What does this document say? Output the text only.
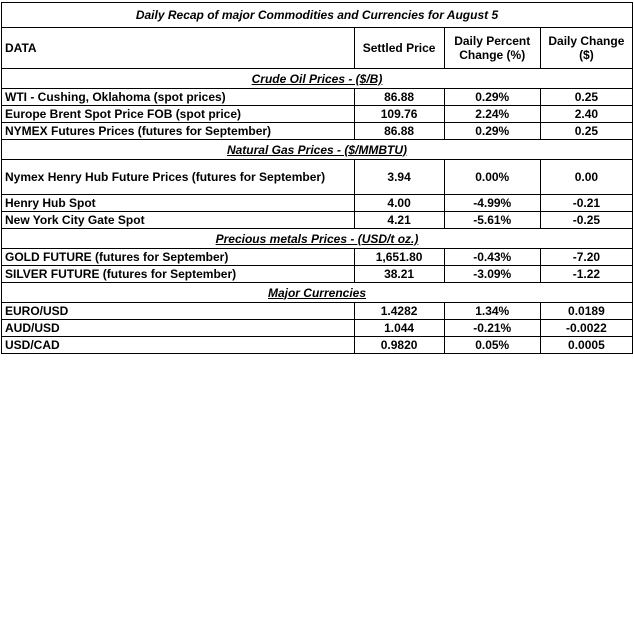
Daily Recap of major Commodities and Currencies for August 5			
DATA	Settled Price	Daily Percent Change (%)	Daily Change ($)
Crude Oil Prices - ($/B)			
WTI - Cushing, Oklahoma (spot prices)	86.88	0.29%	0.25
Europe Brent Spot Price FOB (spot price)	109.76	2.24%	2.40
NYMEX Futures Prices (futures for September)	86.88	0.29%	0.25
Natural Gas Prices - ($/MMBTU)			
Nymex Henry Hub Future Prices (futures for September)	3.94	0.00%	0.00
Henry Hub Spot	4.00	-4.99%	-0.21
New York City Gate Spot	4.21	-5.61%	-0.25
Precious metals Prices - (USD/t oz.)			
GOLD FUTURE (futures for September)	1,651.80	-0.43%	-7.20
SILVER FUTURE (futures for September)	38.21	-3.09%	-1.22
Major Currencies			
EURO/USD	1.4282	1.34%	0.0189
AUD/USD	1.044	-0.21%	-0.0022
USD/CAD	0.9820	0.05%	0.0005
